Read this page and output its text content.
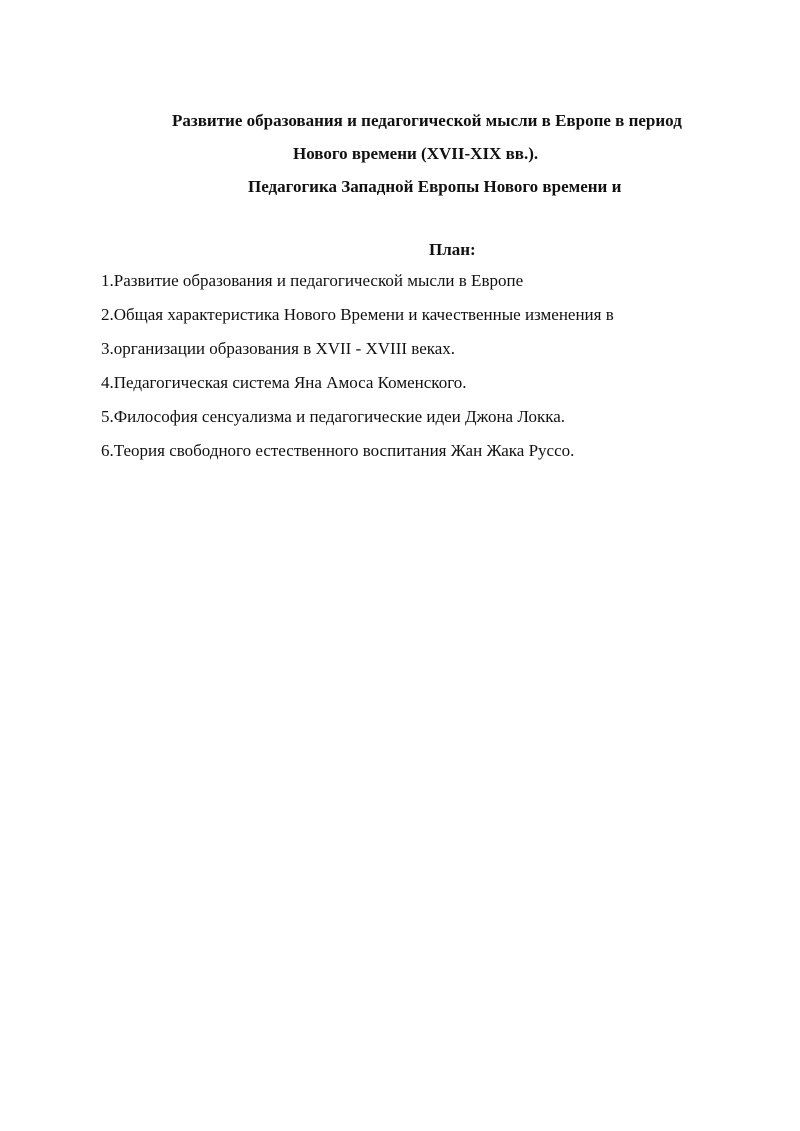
Развитие образования и педагогической мысли в Европе в период
Нового времени (XVII-XIX вв.).
Педагогика Западной Европы Нового времени и
План:
1.Развитие образования и педагогической мысли в Европе
2.Общая характеристика Нового Времени и качественные изменения в
3.организации образования в XVII - XVIII веках.
4.Педагогическая система Яна Амоса Коменского.
5.Философия сенсуализма и педагогические идеи Джона Локка.
6.Теория свободного естественного воспитания Жан Жака Руссо.
